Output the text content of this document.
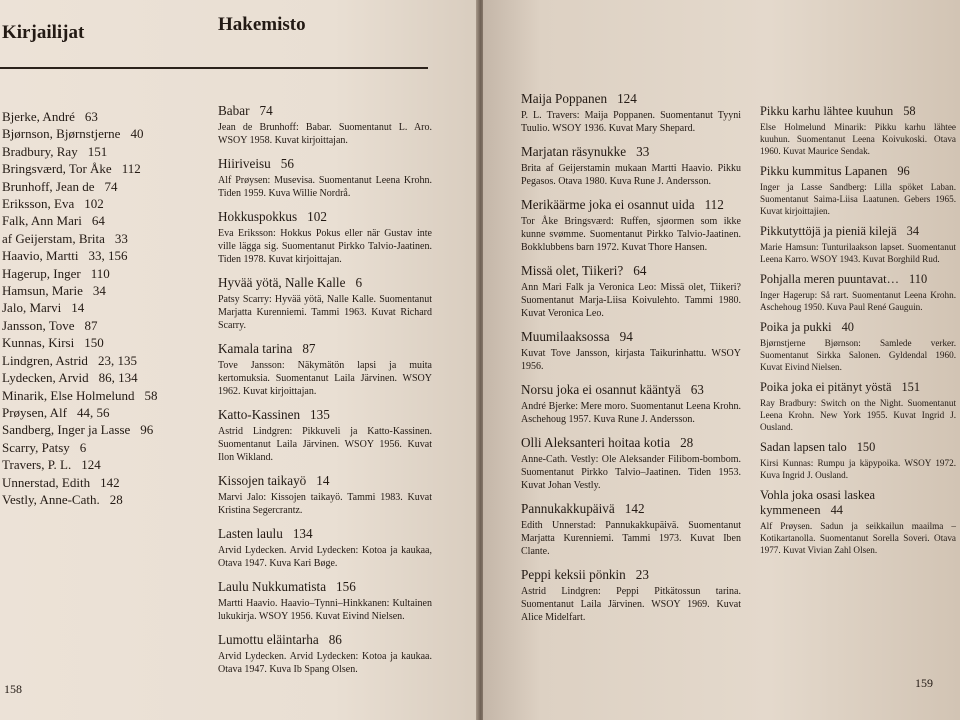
Kirjailijat	Hakemisto
Bjerke, André 63
Bjørnson, Bjørnstjerne 40
Bradbury, Ray 151
Bringsværd, Tor Åke 112
Brunhoff, Jean de 74
Eriksson, Eva 102
Falk, Ann Mari 64
af Geijerstam, Brita 33
Haavio, Martti 33, 156
Hagerup, Inger 110
Hamsun, Marie 34
Jalo, Marvi 14
Jansson, Tove 87
Kunnas, Kirsi 150
Lindgren, Astrid 23, 135
Lydecken, Arvid 86, 134
Minarik, Else Holmelund 58
Prøysen, Alf 44, 56
Sandberg, Inger ja Lasse 96
Scarry, Patsy 6
Travers, P. L. 124
Unnerstad, Edith 142
Vestly, Anne-Cath. 28
Babar 74
Jean de Brunhoff: Babar. Suomentanut L. Aro. WSOY 1958. Kuvat kirjoittajan.
Hiiriveisu 56
Alf Prøysen: Musevisa. Suomentanut Leena Krohn. Tiden 1959. Kuva Willie Nordrå.
Hokkuspokkus 102
Eva Eriksson: Hokkus Pokus eller när Gustav inte ville lägga sig. Suomentanut Pirkko Talvio-Jaatinen. Tiden 1978. Kuvat kirjoittajan.
Hyvää yötä, Nalle Kalle 6
Patsy Scarry: Hyvää yötä, Nalle Kalle. Suomentanut Marjatta Kurenniemi. Tammi 1963. Kuvat Richard Scarry.
Kamala tarina 87
Tove Jansson: Näkymätön lapsi ja muita kertomuksia. Suomentanut Laila Järvinen. WSOY 1962. Kuvat kirjoittajan.
Katto-Kassinen 135
Astrid Lindgren: Pikkuveli ja Katto-Kassinen. Suomentanut Laila Järvinen. WSOY 1956. Kuvat Ilon Wikland.
Kissojen taikayö 14
Marvi Jalo: Kissojen taikayö. Tammi 1983. Kuvat Kristina Segercrantz.
Lasten laulu 134
Arvid Lydecken. Arvid Lydecken: Kotoa ja kaukaa, Otava 1947. Kuva Kari Bøge.
Laulu Nukkumatista 156
Martti Haavio. Haavio–Tynni–Hinkkanen: Kultainen lukukirja. WSOY 1956. Kuvat Eivind Nielsen.
Lumottu eläintarha 86
Arvid Lydecken. Arvid Lydecken: Kotoa ja kaukaa. Otava 1947. Kuva Ib Spang Olsen.
158
Maija Poppanen 124
P. L. Travers: Maija Poppanen. Suomentanut Tyyni Tuulio. WSOY 1936. Kuvat Mary Shepard.
Marjatan räsynukke 33
Brita af Geijerstamin mukaan Martti Haavio. Pikku Pegasos. Otava 1980. Kuva Rune J. Andersson.
Merikäärme joka ei osannut uida 112
Tor Åke Bringsværd: Ruffen, sjøormen som ikke kunne svømme. Suomentanut Pirkko Talvio-Jaatinen. Bokklubbens barn 1972. Kuvat Thore Hansen.
Missä olet, Tiikeri? 64
Ann Mari Falk ja Veronica Leo: Missä olet, Tiikeri? Suomentanut Marja-Liisa Koivulehto. Tammi 1980. Kuvat Veronica Leo.
Muumilaaksossa 94
Kuvat Tove Jansson, kirjasta Taikurinhattu. WSOY 1956.
Norsu joka ei osannut kääntyä 63
André Bjerke: Mere moro. Suomentanut Leena Krohn. Aschehoug 1957. Kuva Rune J. Andersson.
Olli Aleksanteri hoitaa kotia 28
Anne-Cath. Vestly: Ole Aleksander Filibom-bombom. Suomentanut Pirkko Talvio–Jaatinen. Tiden 1953. Kuvat Johan Vestly.
Pannukakkupäivä 142
Edith Unnerstad: Pannukakkupäivä. Suomentanut Marjatta Kurenniemi. Tammi 1973. Kuvat Iben Clante.
Peppi keksii pönkin 23
Astrid Lindgren: Peppi Pitkätossun tarina. Suomentanut Laila Järvinen. WSOY 1969. Kuvat Alice Midelfart.
Pikku karhu lähtee kuuhun 58
Else Holmelund Minarik: Pikku karhu lähtee kuuhun. Suomentanut Leena Koivukoski. Otava 1960. Kuvat Maurice Sendak.
Pikku kummitus Lapanen 96
Inger ja Lasse Sandberg: Lilla spöket Laban. Suomentanut Saima-Liisa Laatunen. Gebers 1965. Kuvat kirjoittajien.
Pikkutyttöjä ja pieniä kilejä 34
Marie Hamsun: Tunturilaakson lapset. Suomentanut Leena Karro. WSOY 1943. Kuvat Borghild Rud.
Pohjalla meren puuntavat… 110
Inger Hagerup: Så rart. Suomentanut Leena Krohn. Aschehoug 1950. Kuva Paul René Gauguin.
Poika ja pukki 40
Bjørnstjerne Bjørnson: Samlede verker. Suomentanut Sirkka Salonen. Gyldendal 1960. Kuvat Eivind Nielsen.
Poika joka ei pitänyt yöstä 151
Ray Bradbury: Switch on the Night. Suomentanut Leena Krohn. New York 1955. Kuvat Ingrid J. Ousland.
Sadan lapsen talo 150
Kirsi Kunnas: Rumpu ja käpypoika. WSOY 1972. Kuva Ingrid J. Ousland.
Vohla joka osasi laskea kymmeneen 44
Alf Prøysen. Sadun ja seikkailun maailma – Kotikartanolla. Suomentanut Sorella Soveri. Otava 1977. Kuvat Vivian Zahl Olsen.
159
